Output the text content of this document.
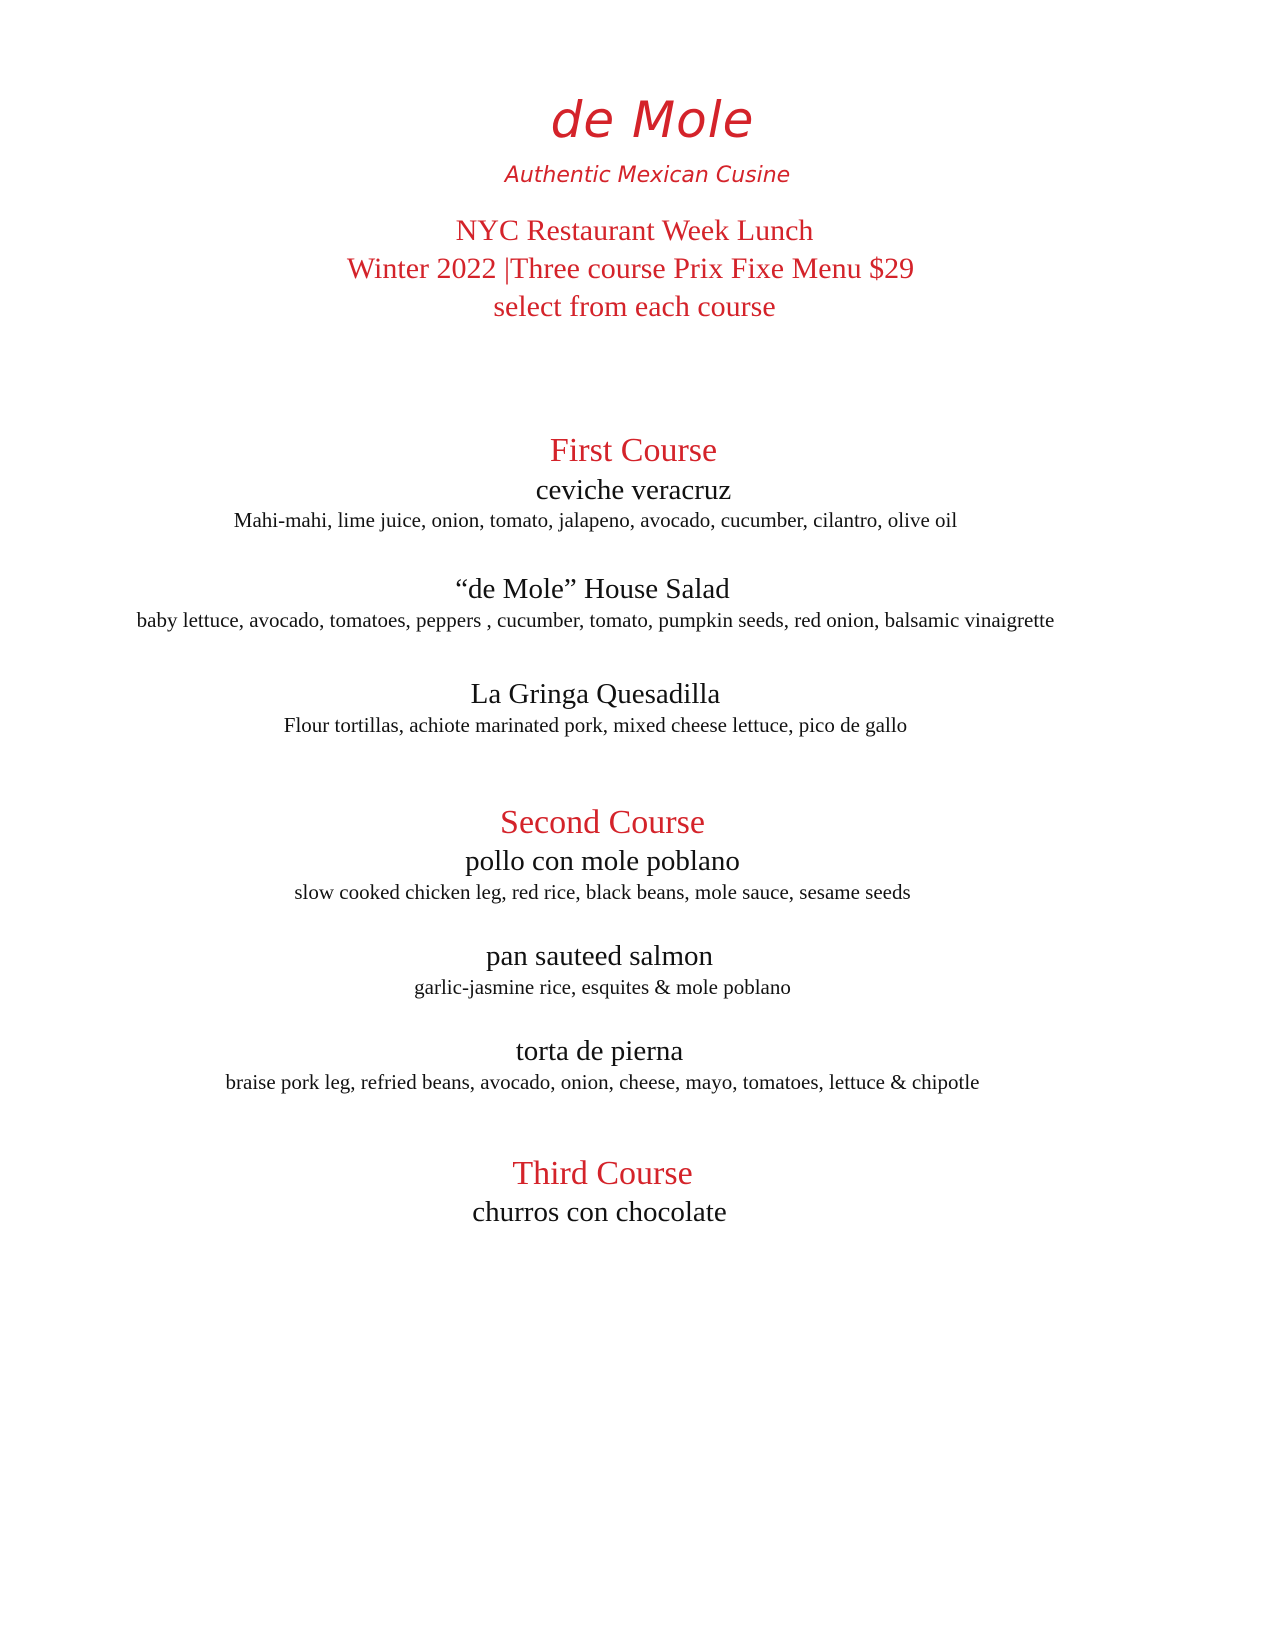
de Mole
Authentic Mexican Cusine
NYC Restaurant Week Lunch
Winter 2022 |Three course Prix Fixe Menu $29
select from each course
First Course
ceviche veracruz
Mahi-mahi, lime juice, onion, tomato, jalapeno, avocado, cucumber, cilantro, olive oil
“de Mole” House Salad
baby lettuce, avocado, tomatoes, peppers , cucumber, tomato, pumpkin seeds, red onion, balsamic vinaigrette
La Gringa Quesadilla
Flour tortillas, achiote marinated pork, mixed cheese lettuce, pico de gallo
Second Course
pollo con mole poblano
slow cooked chicken leg, red rice, black beans, mole sauce, sesame seeds
pan sauteed salmon
garlic-jasmine rice, esquites & mole poblano
torta de pierna
braise pork leg, refried beans, avocado, onion, cheese, mayo, tomatoes, lettuce & chipotle
Third Course
churros con chocolate
